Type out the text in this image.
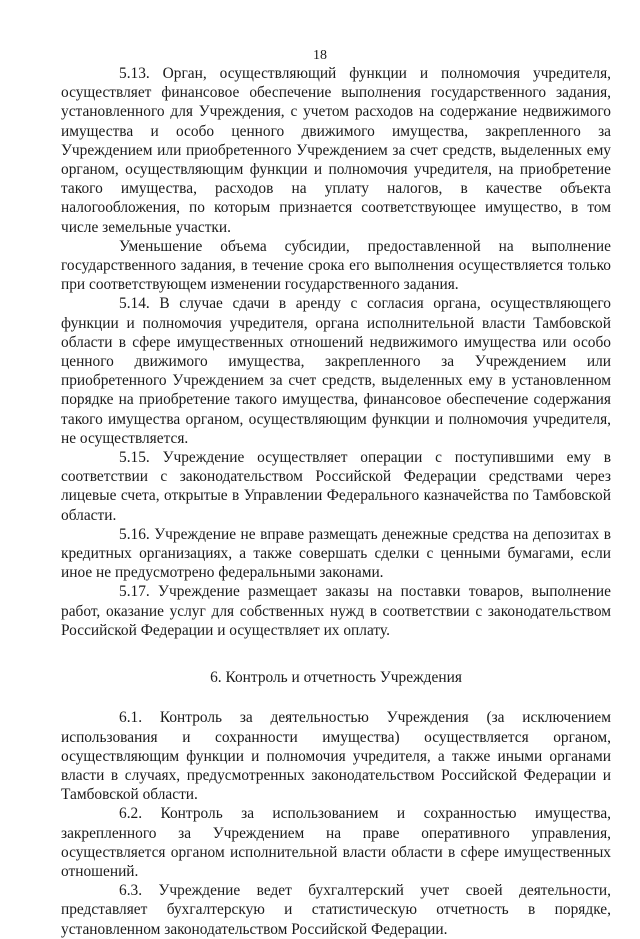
18

5.13. Орган, осуществляющий функции и полномочия учредителя, осуществляет финансовое обеспечение выполнения государственного задания, установленного для Учреждения, с учетом расходов на содержание недвижимого имущества и особо ценного движимого имущества, закрепленного за Учреждением или приобретенного Учреждением за счет средств, выделенных ему органом, осуществляющим функции и полномочия учредителя, на приобретение такого имущества, расходов на уплату налогов, в качестве объекта налогообложения, по которым признается соответствующее имущество, в том числе земельные участки.

Уменьшение объема субсидии, предоставленной на выполнение государственного задания, в течение срока его выполнения осуществляется только при соответствующем изменении государственного задания.

5.14. В случае сдачи в аренду с согласия органа, осуществляющего функции и полномочия учредителя, органа исполнительной власти Тамбовской области в сфере имущественных отношений недвижимого имущества или особо ценного движимого имущества, закрепленного за Учреждением или приобретенного Учреждением за счет средств, выделенных ему в установленном порядке на приобретение такого имущества, финансовое обеспечение содержания такого имущества органом, осуществляющим функции и полномочия учредителя, не осуществляется.

5.15. Учреждение осуществляет операции с поступившими ему в соответствии с законодательством Российской Федерации средствами через лицевые счета, открытые в Управлении Федерального казначейства по Тамбовской области.

5.16. Учреждение не вправе размещать денежные средства на депозитах в кредитных организациях, а также совершать сделки с ценными бумагами, если иное не предусмотрено федеральными законами.

5.17. Учреждение размещает заказы на поставки товаров, выполнение работ, оказание услуг для собственных нужд в соответствии с законодательством Российской Федерации и осуществляет их оплату.

6. Контроль и отчетность Учреждения

6.1. Контроль за деятельностью Учреждения (за исключением использования и сохранности имущества) осуществляется органом, осуществляющим функции и полномочия учредителя, а также иными органами власти в случаях, предусмотренных законодательством Российской Федерации и Тамбовской области.

6.2. Контроль за использованием и сохранностью имущества, закрепленного за Учреждением на праве оперативного управления, осуществляется органом исполнительной власти области в сфере имущественных отношений.

6.3. Учреждение ведет бухгалтерский учет своей деятельности, представляет бухгалтерскую и статистическую отчетность в порядке, установленном законодательством Российской Федерации.
